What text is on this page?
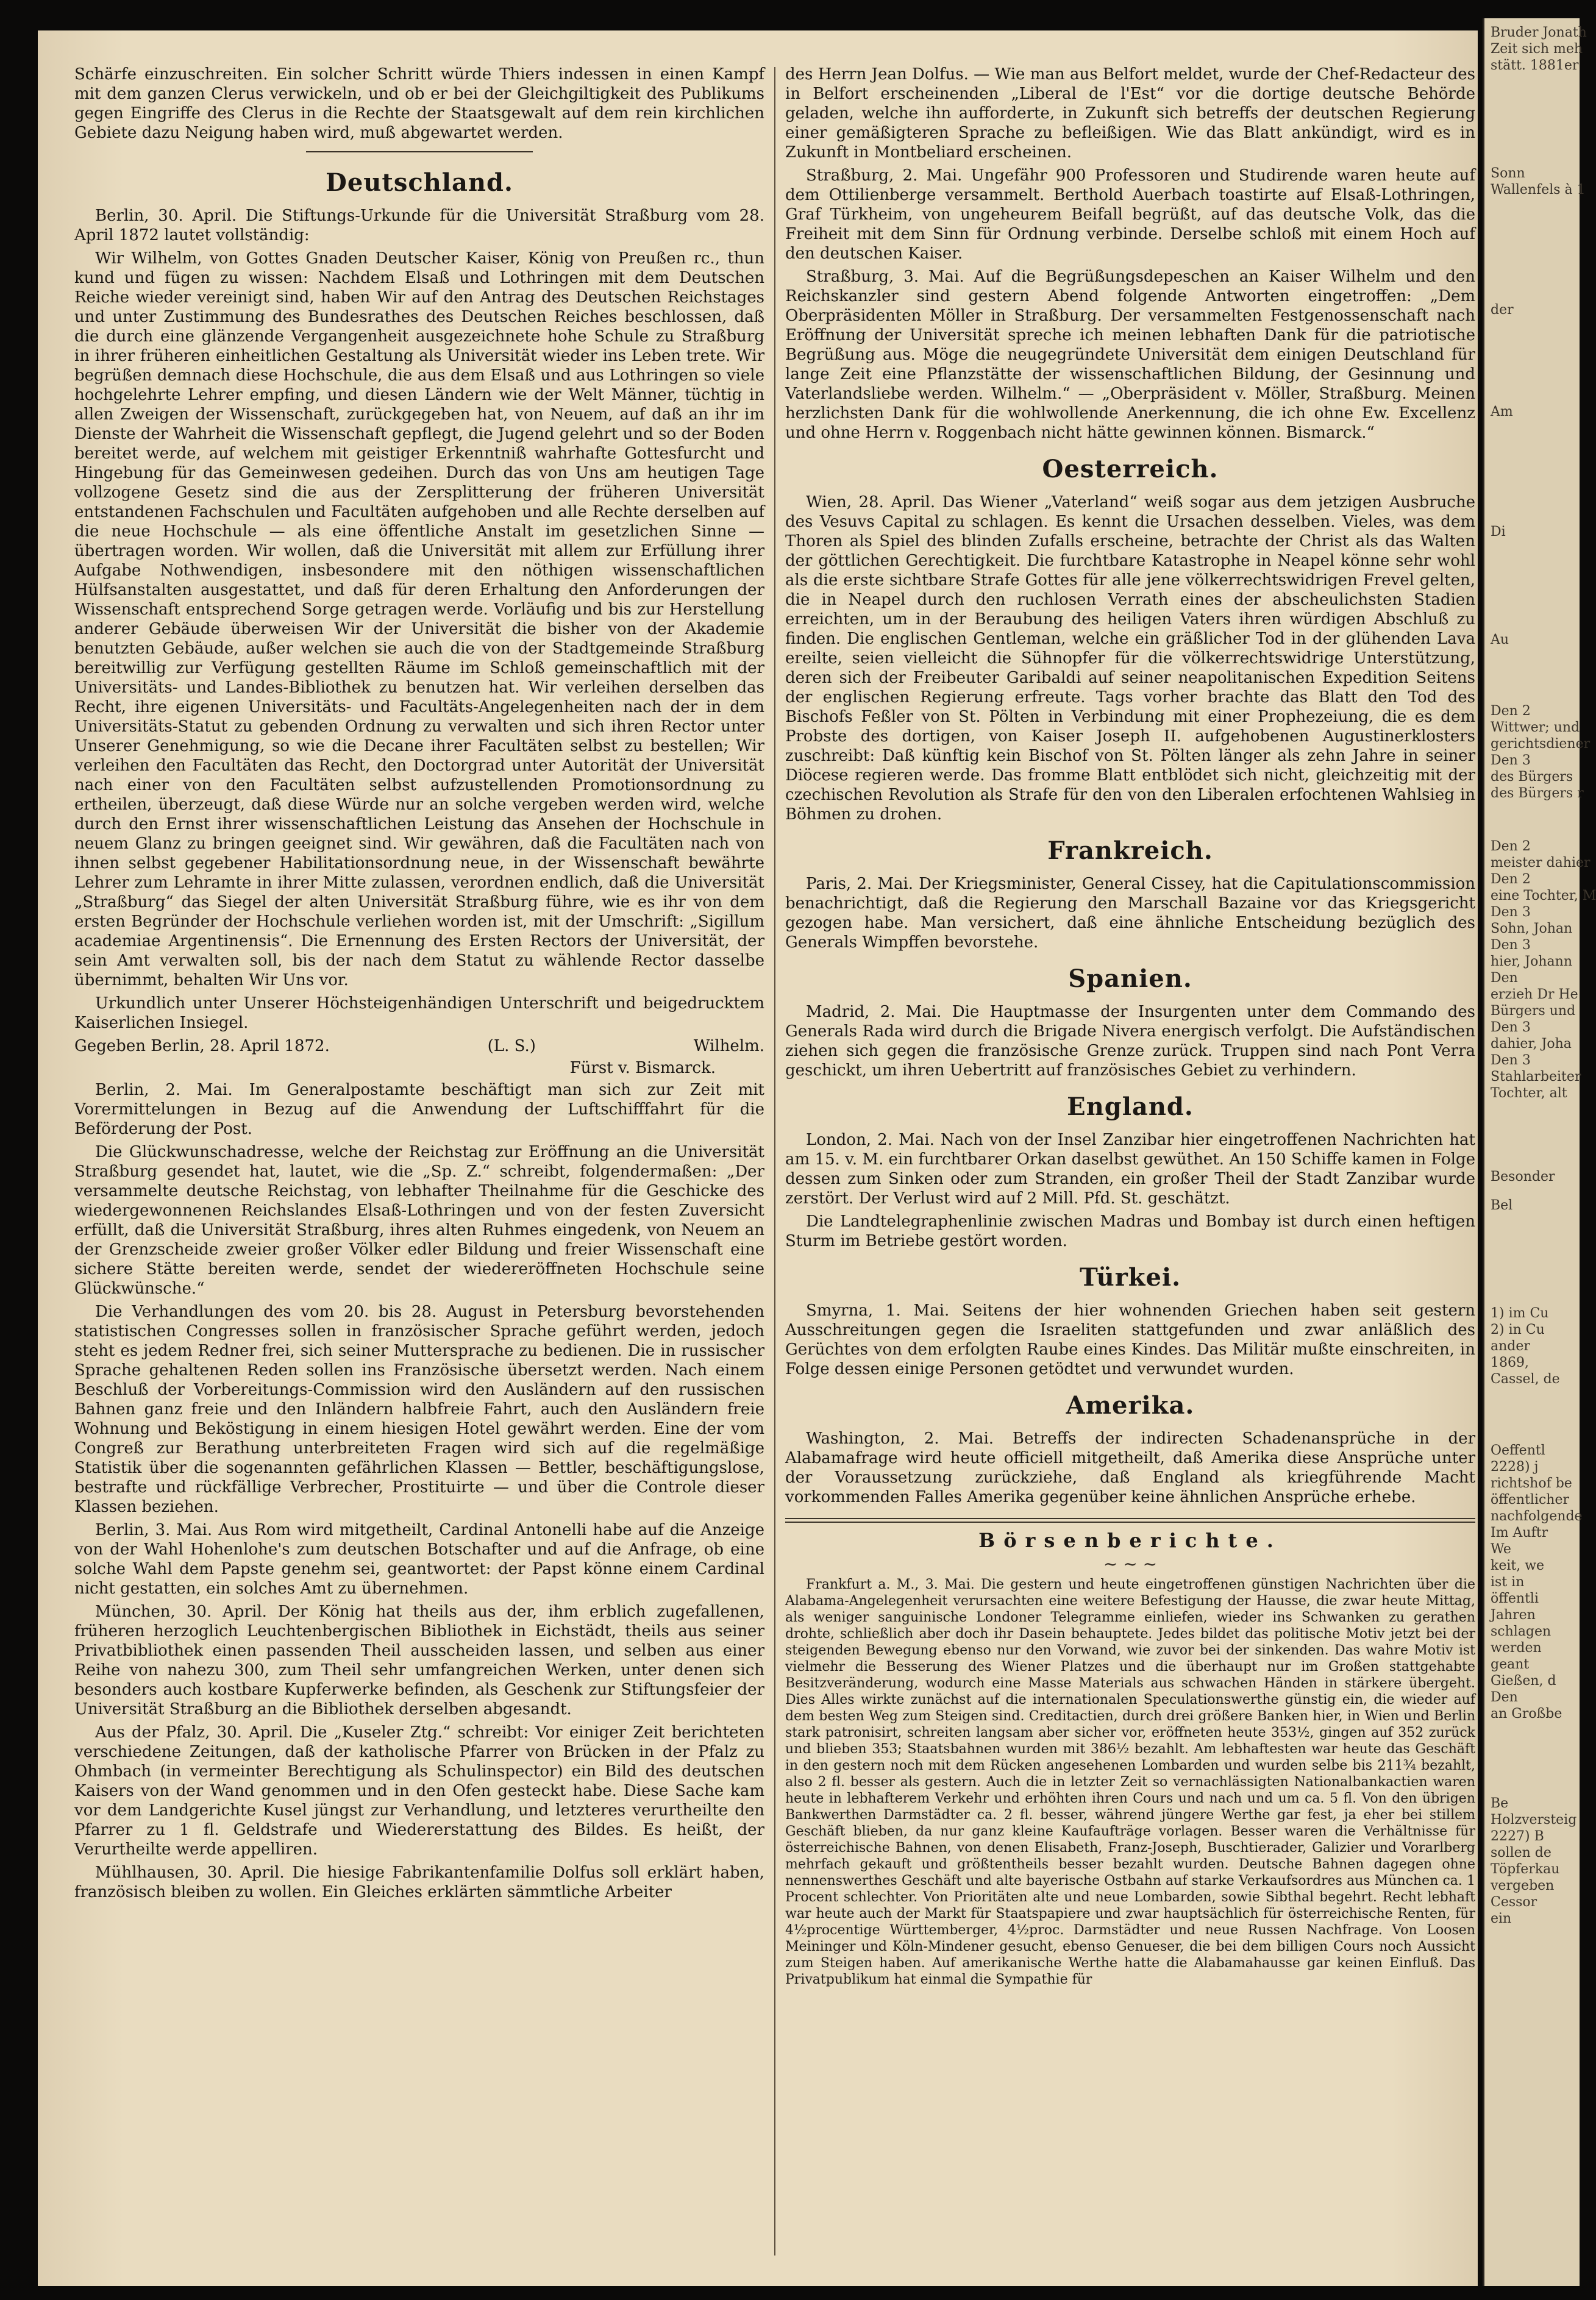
Schärfe einzuschreiten. Ein solcher Schritt würde Thiers indessen in einen Kampf mit dem ganzen Clerus verwickeln, und ob er bei der Gleichgiltigkeit des Publikums gegen Eingriffe des Clerus in die Rechte der Staatsgewalt auf dem rein kirchlichen Gebiete dazu Neigung haben wird, muß abgewartet werden.

Deutschland.

Berlin, 30. April. Die Stiftungs-Urkunde für die Universität Straßburg vom 28. April 1872 lautet vollständig:

Wir Wilhelm, von Gottes Gnaden Deutscher Kaiser, König von Preußen rc., thun kund und fügen zu wissen: Nachdem Elsaß und Lothringen mit dem Deutschen Reiche wieder vereinigt sind, haben Wir auf den Antrag des Deutschen Reichstages und unter Zustimmung des Bundesrathes des Deutschen Reiches beschlossen, daß die durch eine glänzende Vergangenheit ausgezeichnete hohe Schule zu Straßburg in ihrer früheren einheitlichen Gestaltung als Universität wieder ins Leben trete. Wir begrüßen demnach diese Hochschule, die aus dem Elsaß und aus Lothringen so viele hochgelehrte Lehrer empfing, und diesen Ländern wie der Welt Männer, tüchtig in allen Zweigen der Wissenschaft, zurückgegeben hat, von Neuem, auf daß an ihr im Dienste der Wahrheit die Wissenschaft gepflegt, die Jugend gelehrt und so der Boden bereitet werde, auf welchem mit geistiger Erkenntniß wahrhafte Gottesfurcht und Hingebung für das Gemeinwesen gedeihen. Durch das von Uns am heutigen Tage vollzogene Gesetz sind die aus der Zersplitterung der früheren Universität entstandenen Fachschulen und Facultäten aufgehoben und alle Rechte derselben auf die neue Hochschule — als eine öffentliche Anstalt im gesetzlichen Sinne — übertragen worden. Wir wollen, daß die Universität mit allem zur Erfüllung ihrer Aufgabe Nothwendigen, insbesondere mit den nöthigen wissenschaftlichen Hülfsanstalten ausgestattet, und daß für deren Erhaltung den Anforderungen der Wissenschaft entsprechend Sorge getragen werde. Vorläufig und bis zur Herstellung anderer Gebäude überweisen Wir der Universität die bisher von der Akademie benutzten Gebäude, außer welchen sie auch die von der Stadtgemeinde Straßburg bereitwillig zur Verfügung gestellten Räume im Schloß gemeinschaftlich mit der Universitäts- und Landes-Bibliothek zu benutzen hat. Wir verleihen derselben das Recht, ihre eigenen Universitäts- und Facultäts-Angelegenheiten nach der in dem Universitäts-Statut zu gebenden Ordnung zu verwalten und sich ihren Rector unter Unserer Genehmigung, so wie die Decane ihrer Facultäten selbst zu bestellen; Wir verleihen den Facultäten das Recht, den Doctorgrad unter Autorität der Universität nach einer von den Facultäten selbst aufzustellenden Promotionsordnung zu ertheilen, überzeugt, daß diese Würde nur an solche vergeben werden wird, welche durch den Ernst ihrer wissenschaftlichen Leistung das Ansehen der Hochschule in neuem Glanz zu bringen geeignet sind. Wir gewähren, daß die Facultäten nach von ihnen selbst gegebener Habilitationsordnung neue, in der Wissenschaft bewährte Lehrer zum Lehramte in ihrer Mitte zulassen, verordnen endlich, daß die Universität „Straßburg“ das Siegel der alten Universität Straßburg führe, wie es ihr von dem ersten Begründer der Hochschule verliehen worden ist, mit der Umschrift: „Sigillum academiae Argentinensis“. Die Ernennung des Ersten Rectors der Universität, der sein Amt verwalten soll, bis der nach dem Statut zu wählende Rector dasselbe übernimmt, behalten Wir Uns vor.

Urkundlich unter Unserer Höchsteigenhändigen Unterschrift und beigedrucktem Kaiserlichen Insiegel.

Gegeben Berlin, 28. April 1872.	(L. S.)	Wilhelm.
Fürst v. Bismarck.

Berlin, 2. Mai. Im Generalpostamte beschäftigt man sich zur Zeit mit Vorermittelungen in Bezug auf die Anwendung der Luftschifffahrt für die Beförderung der Post.

Die Glückwunschadresse, welche der Reichstag zur Eröffnung an die Universität Straßburg gesendet hat, lautet, wie die „Sp. Z.“ schreibt, folgendermaßen: „Der versammelte deutsche Reichstag, von lebhafter Theilnahme für die Geschicke des wiedergewonnenen Reichslandes Elsaß-Lothringen und von der festen Zuversicht erfüllt, daß die Universität Straßburg, ihres alten Ruhmes eingedenk, von Neuem an der Grenzscheide zweier großer Völker edler Bildung und freier Wissenschaft eine sichere Stätte bereiten werde, sendet der wiedereröffneten Hochschule seine Glückwünsche.“

Die Verhandlungen des vom 20. bis 28. August in Petersburg bevorstehenden statistischen Congresses sollen in französischer Sprache geführt werden, jedoch steht es jedem Redner frei, sich seiner Muttersprache zu bedienen. Die in russischer Sprache gehaltenen Reden sollen ins Französische übersetzt werden. Nach einem Beschluß der Vorbereitungs-Commission wird den Ausländern auf den russischen Bahnen ganz freie und den Inländern halbfreie Fahrt, auch den Ausländern freie Wohnung und Beköstigung in einem hiesigen Hotel gewährt werden. Eine der vom Congreß zur Berathung unterbreiteten Fragen wird sich auf die regelmäßige Statistik über die sogenannten gefährlichen Klassen — Bettler, beschäftigungslose, bestrafte und rückfällige Verbrecher, Prostituirte — und über die Controle dieser Klassen beziehen.

Berlin, 3. Mai. Aus Rom wird mitgetheilt, Cardinal Antonelli habe auf die Anzeige von der Wahl Hohenlohe's zum deutschen Botschafter und auf die Anfrage, ob eine solche Wahl dem Papste genehm sei, geantwortet: der Papst könne einem Cardinal nicht gestatten, ein solches Amt zu übernehmen.

München, 30. April. Der König hat theils aus der, ihm erblich zugefallenen, früheren herzoglich Leuchtenbergischen Bibliothek in Eichstädt, theils aus seiner Privatbibliothek einen passenden Theil ausscheiden lassen, und selben aus einer Reihe von nahezu 300, zum Theil sehr umfangreichen Werken, unter denen sich besonders auch kostbare Kupferwerke befinden, als Geschenk zur Stiftungsfeier der Universität Straßburg an die Bibliothek derselben abgesandt.

Aus der Pfalz, 30. April. Die „Kuseler Ztg.“ schreibt: Vor einiger Zeit berichteten verschiedene Zeitungen, daß der katholische Pfarrer von Brücken in der Pfalz zu Ohmbach (in vermeinter Berechtigung als Schulinspector) ein Bild des deutschen Kaisers von der Wand genommen und in den Ofen gesteckt habe. Diese Sache kam vor dem Landgerichte Kusel jüngst zur Verhandlung, und letzteres verurtheilte den Pfarrer zu 1 fl. Geldstrafe und Wiedererstattung des Bildes. Es heißt, der Verurtheilte werde appelliren.

Mühlhausen, 30. April. Die hiesige Fabrikantenfamilie Dolfus soll erklärt haben, französisch bleiben zu wollen. Ein Gleiches erklärten sämmtliche Arbeiter

des Herrn Jean Dolfus. — Wie man aus Belfort meldet, wurde der Chef-Redacteur des in Belfort erscheinenden „Liberal de l'Est“ vor die dortige deutsche Behörde geladen, welche ihn aufforderte, in Zukunft sich betreffs der deutschen Regierung einer gemäßigteren Sprache zu befleißigen. Wie das Blatt ankündigt, wird es in Zukunft in Montbeliard erscheinen.

Straßburg, 2. Mai. Ungefähr 900 Professoren und Studirende waren heute auf dem Ottilienberge versammelt. Berthold Auerbach toastirte auf Elsaß-Lothringen, Graf Türkheim, von ungeheurem Beifall begrüßt, auf das deutsche Volk, das die Freiheit mit dem Sinn für Ordnung verbinde. Derselbe schloß mit einem Hoch auf den deutschen Kaiser.

Straßburg, 3. Mai. Auf die Begrüßungsdepeschen an Kaiser Wilhelm und den Reichskanzler sind gestern Abend folgende Antworten eingetroffen: „Dem Oberpräsidenten Möller in Straßburg. Der versammelten Festgenossenschaft nach Eröffnung der Universität spreche ich meinen lebhaften Dank für die patriotische Begrüßung aus. Möge die neugegründete Universität dem einigen Deutschland für lange Zeit eine Pflanzstätte der wissenschaftlichen Bildung, der Gesinnung und Vaterlandsliebe werden. Wilhelm.“ — „Oberpräsident v. Möller, Straßburg. Meinen herzlichsten Dank für die wohlwollende Anerkennung, die ich ohne Ew. Excellenz und ohne Herrn v. Roggenbach nicht hätte gewinnen können. Bismarck.“

Oesterreich.

Wien, 28. April. Das Wiener „Vaterland“ weiß sogar aus dem jetzigen Ausbruche des Vesuvs Capital zu schlagen. Es kennt die Ursachen desselben. Vieles, was dem Thoren als Spiel des blinden Zufalls erscheine, betrachte der Christ als das Walten der göttlichen Gerechtigkeit. Die furchtbare Katastrophe in Neapel könne sehr wohl als die erste sichtbare Strafe Gottes für alle jene völkerrechtswidrigen Frevel gelten, die in Neapel durch den ruchlosen Verrath eines der abscheulichsten Stadien erreichten, um in der Beraubung des heiligen Vaters ihren würdigen Abschluß zu finden. Die englischen Gentleman, welche ein gräßlicher Tod in der glühenden Lava ereilte, seien vielleicht die Sühnopfer für die völkerrechtswidrige Unterstützung, deren sich der Freibeuter Garibaldi auf seiner neapolitanischen Expedition Seitens der englischen Regierung erfreute. Tags vorher brachte das Blatt den Tod des Bischofs Feßler von St. Pölten in Verbindung mit einer Prophezeiung, die es dem Probste des dortigen, von Kaiser Joseph II. aufgehobenen Augustinerklosters zuschreibt: Daß künftig kein Bischof von St. Pölten länger als zehn Jahre in seiner Diöcese regieren werde. Das fromme Blatt entblödet sich nicht, gleichzeitig mit der czechischen Revolution als Strafe für den von den Liberalen erfochtenen Wahlsieg in Böhmen zu drohen.

Frankreich.

Paris, 2. Mai. Der Kriegsminister, General Cissey, hat die Capitulationscommission benachrichtigt, daß die Regierung den Marschall Bazaine vor das Kriegsgericht gezogen habe. Man versichert, daß eine ähnliche Entscheidung bezüglich des Generals Wimpffen bevorstehe.

Spanien.

Madrid, 2. Mai. Die Hauptmasse der Insurgenten unter dem Commando des Generals Rada wird durch die Brigade Nivera energisch verfolgt. Die Aufständischen ziehen sich gegen die französische Grenze zurück. Truppen sind nach Pont Verra geschickt, um ihren Uebertritt auf französisches Gebiet zu verhindern.

England.

London, 2. Mai. Nach von der Insel Zanzibar hier eingetroffenen Nachrichten hat am 15. v. M. ein furchtbarer Orkan daselbst gewüthet. An 150 Schiffe kamen in Folge dessen zum Sinken oder zum Stranden, ein großer Theil der Stadt Zanzibar wurde zerstört. Der Verlust wird auf 2 Mill. Pfd. St. geschätzt.

Die Landtelegraphenlinie zwischen Madras und Bombay ist durch einen heftigen Sturm im Betriebe gestört worden.

Türkei.

Smyrna, 1. Mai. Seitens der hier wohnenden Griechen haben seit gestern Ausschreitungen gegen die Israeliten stattgefunden und zwar anläßlich des Gerüchtes von dem erfolgten Raube eines Kindes. Das Militär mußte einschreiten, in Folge dessen einige Personen getödtet und verwundet wurden.

Amerika.

Washington, 2. Mai. Betreffs der indirecten Schadenansprüche in der Alabamafrage wird heute officiell mitgetheilt, daß Amerika diese Ansprüche unter der Voraussetzung zurückziehe, daß England als kriegführende Macht vorkommenden Falles Amerika gegenüber keine ähnlichen Ansprüche erhebe.

Börsenberichte.
~ ~ ~

Frankfurt a. M., 3. Mai. Die gestern und heute eingetroffenen günstigen Nachrichten über die Alabama-Angelegenheit verursachten eine weitere Befestigung der Hausse, die zwar heute Mittag, als weniger sanguinische Londoner Telegramme einliefen, wieder ins Schwanken zu gerathen drohte, schließlich aber doch ihr Dasein behauptete. Jedes bildet das politische Motiv jetzt bei der steigenden Bewegung ebenso nur den Vorwand, wie zuvor bei der sinkenden. Das wahre Motiv ist vielmehr die Besserung des Wiener Platzes und die überhaupt nur im Großen stattgehabte Besitzveränderung, wodurch eine Masse Materials aus schwachen Händen in stärkere übergeht. Dies Alles wirkte zunächst auf die internationalen Speculationswerthe günstig ein, die wieder auf dem besten Weg zum Steigen sind. Creditactien, durch drei größere Banken hier, in Wien und Berlin stark patronisirt, schreiten langsam aber sicher vor, eröffneten heute 353½, gingen auf 352 zurück und blieben 353; Staatsbahnen wurden mit 386½ bezahlt. Am lebhaftesten war heute das Geschäft in den gestern noch mit dem Rücken angesehenen Lombarden und wurden selbe bis 211¾ bezahlt, also 2 fl. besser als gestern. Auch die in letzter Zeit so vernachlässigten Nationalbankactien waren heute in lebhafterem Verkehr und erhöhten ihren Cours und nach und um ca. 5 fl. Von den übrigen Bankwerthen Darmstädter ca. 2 fl. besser, während jüngere Werthe gar fest, ja eher bei stillem Geschäft blieben, da nur ganz kleine Kaufaufträge vorlagen. Besser waren die Verhältnisse für österreichische Bahnen, von denen Elisabeth, Franz-Joseph, Buschtierader, Galizier und Vorarlberg mehrfach gekauft und größtentheils besser bezahlt wurden. Deutsche Bahnen dagegen ohne nennenswerthes Geschäft und alte bayerische Ostbahn auf starke Verkaufsordres aus München ca. 1 Procent schlechter. Von Prioritäten alte und neue Lombarden, sowie Sibthal begehrt. Recht lebhaft war heute auch der Markt für Staatspapiere und zwar hauptsächlich für österreichische Renten, für 4½procentige Württemberger, 4½proc. Darmstädter und neue Russen Nachfrage. Von Loosen Meininger und Köln-Mindener gesucht, ebenso Genueser, die bei dem billigen Cours noch Aussicht zum Steigen haben. Auf amerikanische Werthe hatte die Alabamahausse gar keinen Einfluß. Das Privatpublikum hat einmal die Sympathie für

Bruder Jonath

Zeit sich meh

stätt. 1881er

Sonn

Wallenfels à 1

der

Am

Di

Au

Den 2

Wittwer; und

gerichtsdiener

Den 3

des Bürgers

des Bürgers r

Den 2

meister dahier

Den 2

eine Tochter, M

Den 3

Sohn, Johan

Den 3

hier, Johann

Den

erzieh Dr He

Bürgers und

Den 3

dahier, Joha

Den 3

Stahlarbeiter

Tochter, alt

Besonder

Bel

1) im Cu

2) in Cu

ander

1869,

Cassel, de

Oeffentl

2228) j

richtshof be

öffentlicher

nachfolgende

Im Auftr

We

keit, we

ist in

öffentli

Jahren

schlagen

werden

geant

Gießen, d

Den

an Großbe

Be

Holzversteig

2227) B

sollen de

Töpferkau

vergeben

Cessor

ein
